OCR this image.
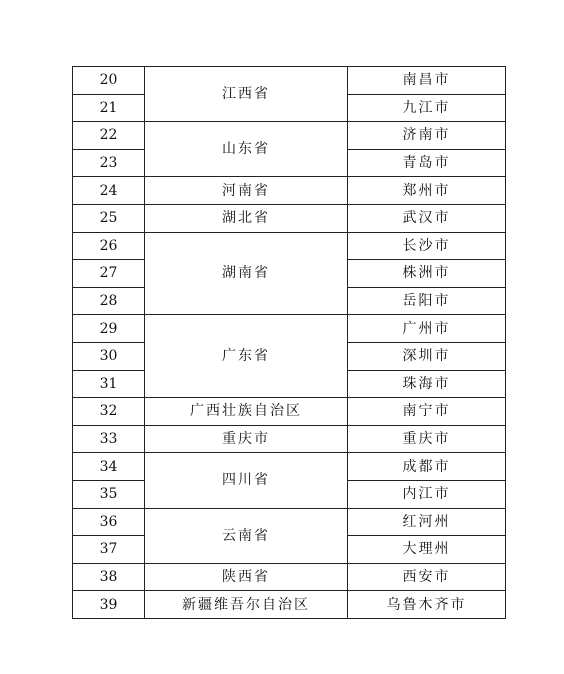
20	江西省	南昌市
21		九江市
22	山东省	济南市
23		青岛市
24	河南省	郑州市
25	湖北省	武汉市
26	湖南省	长沙市
27		株洲市
28		岳阳市
29	广东省	广州市
30		深圳市
31		珠海市
32	广西壮族自治区	南宁市
33	重庆市	重庆市
34	四川省	成都市
35		内江市
36	云南省	红河州
37		大理州
38	陕西省	西安市
39	新疆维吾尔自治区	乌鲁木齐市
